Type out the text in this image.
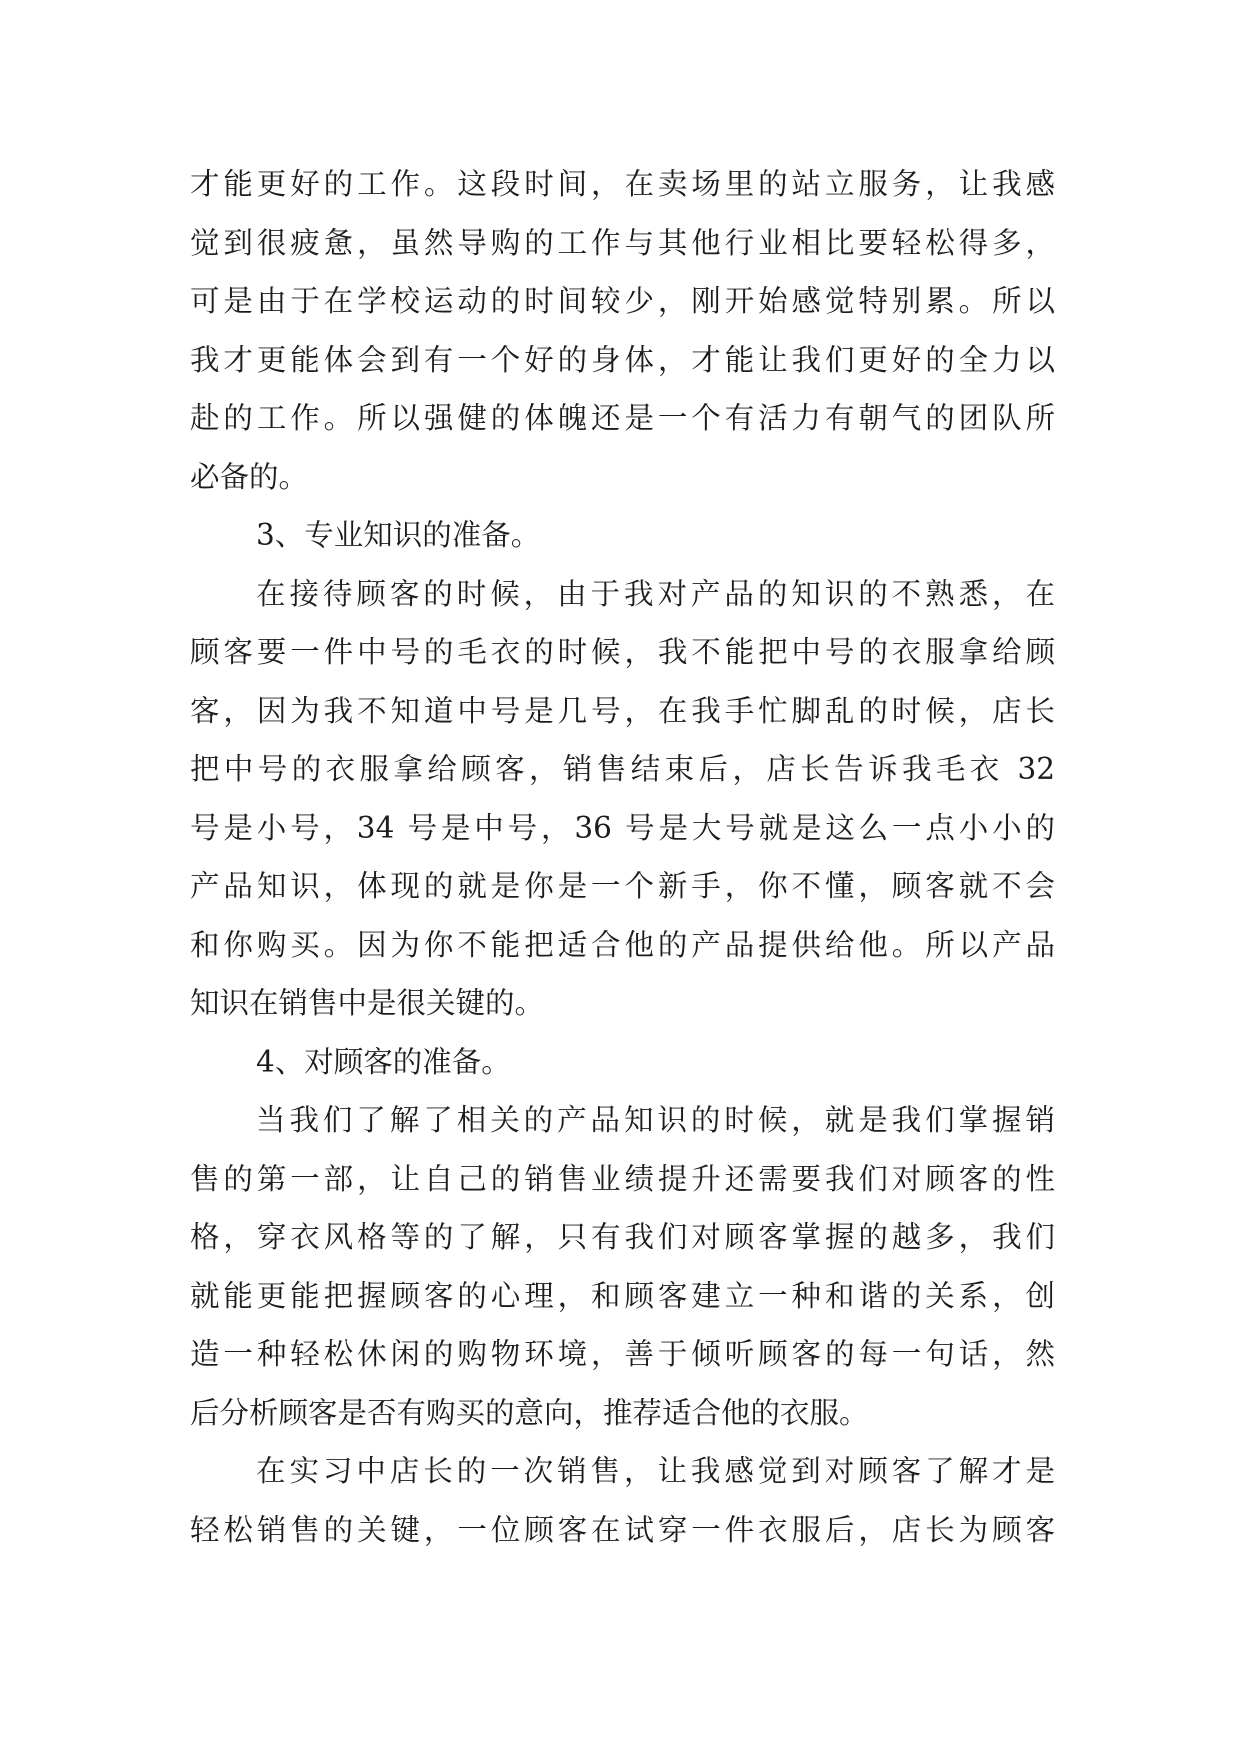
才能更好的工作。这段时间，在卖场里的站立服务，让我感
觉到很疲惫，虽然导购的工作与其他行业相比要轻松得多，
可是由于在学校运动的时间较少，刚开始感觉特别累。所以
我才更能体会到有一个好的身体，才能让我们更好的全力以
赴的工作。所以强健的体魄还是一个有活力有朝气的团队所
必备的。
3、专业知识的准备。
在接待顾客的时候，由于我对产品的知识的不熟悉，在
顾客要一件中号的毛衣的时候，我不能把中号的衣服拿给顾
客，因为我不知道中号是几号，在我手忙脚乱的时候，店长
把中号的衣服拿给顾客，销售结束后，店长告诉我毛衣 32
号是小号，34 号是中号，36 号是大号就是这么一点小小的
产品知识，体现的就是你是一个新手，你不懂，顾客就不会
和你购买。因为你不能把适合他的产品提供给他。所以产品
知识在销售中是很关键的。
4、对顾客的准备。
当我们了解了相关的产品知识的时候，就是我们掌握销
售的第一部，让自己的销售业绩提升还需要我们对顾客的性
格，穿衣风格等的了解，只有我们对顾客掌握的越多，我们
就能更能把握顾客的心理，和顾客建立一种和谐的关系，创
造一种轻松休闲的购物环境，善于倾听顾客的每一句话，然
后分析顾客是否有购买的意向，推荐适合他的衣服。
在实习中店长的一次销售，让我感觉到对顾客了解才是
轻松销售的关键，一位顾客在试穿一件衣服后，店长为顾客
